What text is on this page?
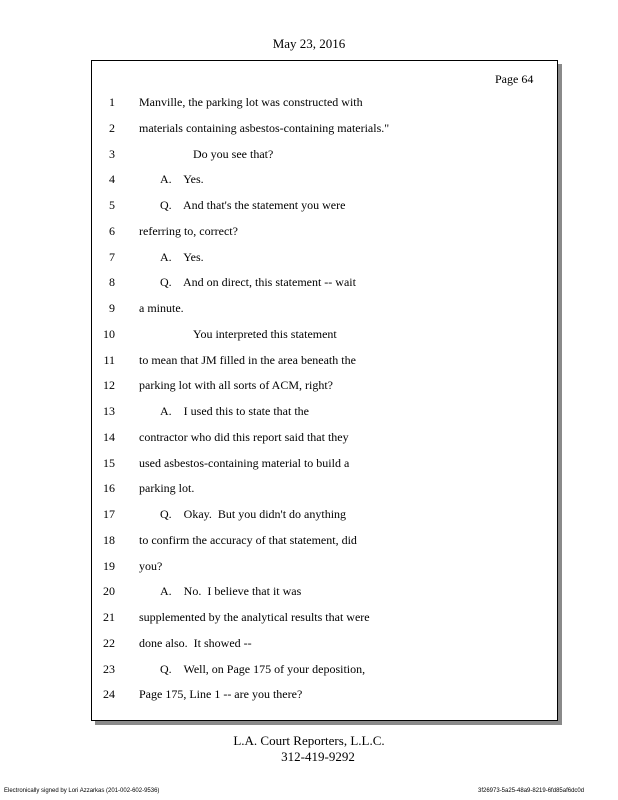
May 23, 2016
Page 64
1 Manville, the parking lot was constructed with
2 materials containing asbestos-containing materials."
3	Do you see that?
4	A.    Yes.
5	Q.    And that's the statement you were
6 referring to, correct?
7	A.    Yes.
8	Q.    And on direct, this statement -- wait
9 a minute.
10	You interpreted this statement
11 to mean that JM filled in the area beneath the
12 parking lot with all sorts of ACM, right?
13	A.    I used this to state that the
14 contractor who did this report said that they
15 used asbestos-containing material to build a
16 parking lot.
17	Q.    Okay.  But you didn't do anything
18 to confirm the accuracy of that statement, did
19 you?
20	A.    No.  I believe that it was
21 supplemented by the analytical results that were
22 done also.  It showed --
23	Q.    Well, on Page 175 of your deposition,
24 Page 175, Line 1 -- are you there?
L.A. Court Reporters, L.L.C.
312-419-9292
Electronically signed by Lori Azzarkas (201-002-602-9536)	3f26973-5a25-48a9-8219-6fd85af6dc0d
